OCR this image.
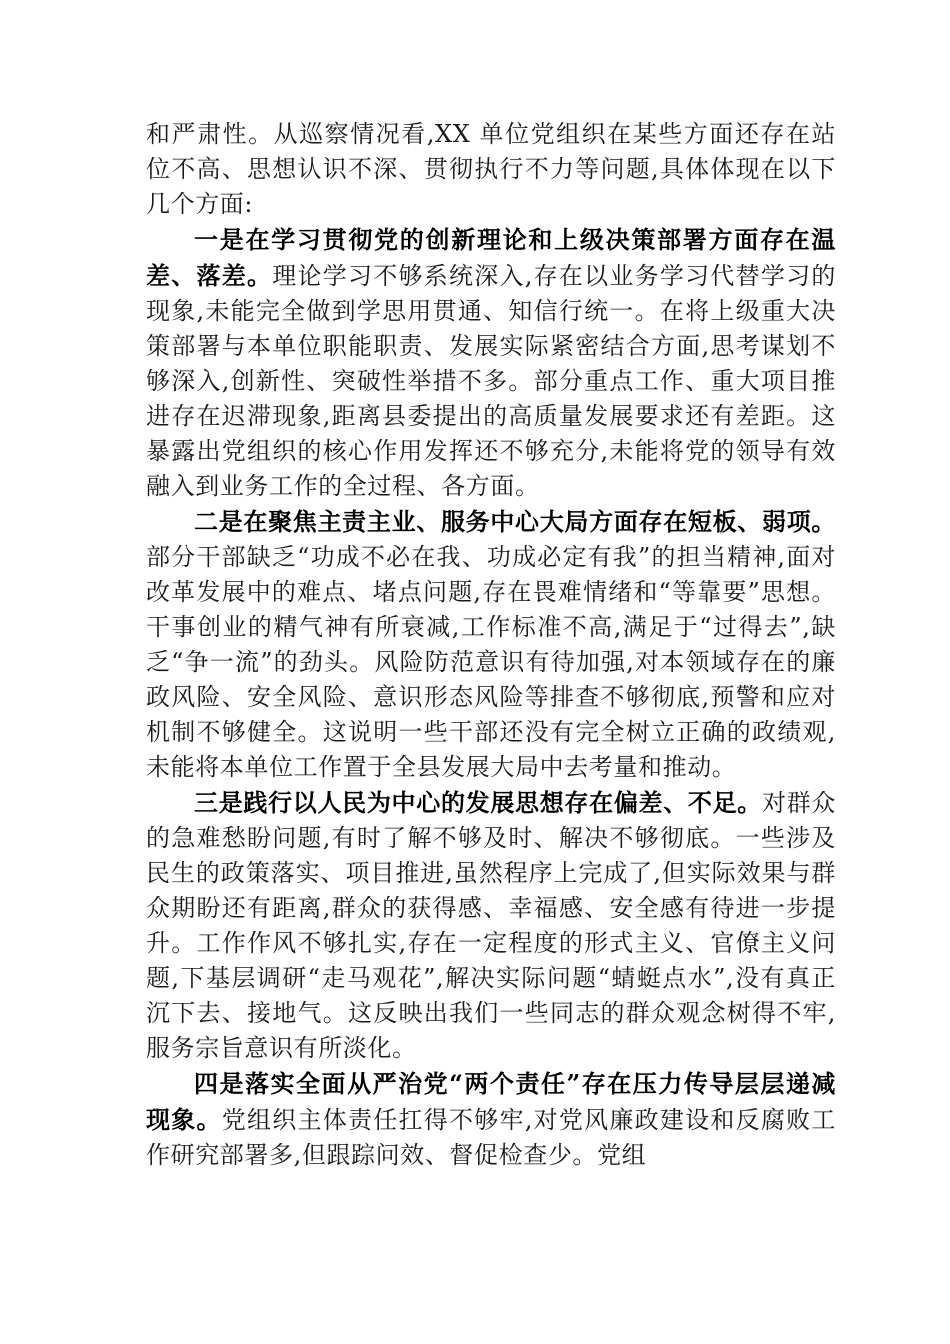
和严肃性。从巡察情况看,XX 单位党组织在某些方面还存在站位不高、思想认识不深、贯彻执行不力等问题,具体体现在以下几个方面:

一是在学习贯彻党的创新理论和上级决策部署方面存在温差、落差。理论学习不够系统深入,存在以业务学习代替学习的现象,未能完全做到学思用贯通、知信行统一。在将上级重大决策部署与本单位职能职责、发展实际紧密结合方面,思考谋划不够深入,创新性、突破性举措不多。部分重点工作、重大项目推进存在迟滞现象,距离县委提出的高质量发展要求还有差距。这暴露出党组织的核心作用发挥还不够充分,未能将党的领导有效融入到业务工作的全过程、各方面。

二是在聚焦主责主业、服务中心大局方面存在短板、弱项。部分干部缺乏“功成不必在我、功成必定有我”的担当精神,面对改革发展中的难点、堵点问题,存在畏难情绪和“等靠要”思想。干事创业的精气神有所衰减,工作标准不高,满足于“过得去”,缺乏“争一流”的劲头。风险防范意识有待加强,对本领域存在的廉政风险、安全风险、意识形态风险等排查不够彻底,预警和应对机制不够健全。这说明一些干部还没有完全树立正确的政绩观,未能将本单位工作置于全县发展大局中去考量和推动。

三是践行以人民为中心的发展思想存在偏差、不足。对群众的急难愁盼问题,有时了解不够及时、解决不够彻底。一些涉及民生的政策落实、项目推进,虽然程序上完成了,但实际效果与群众期盼还有距离,群众的获得感、幸福感、安全感有待进一步提升。工作作风不够扎实,存在一定程度的形式主义、官僚主义问题,下基层调研“走马观花”,解决实际问题“蜻蜓点水”,没有真正沉下去、接地气。这反映出我们一些同志的群众观念树得不牢,服务宗旨意识有所淡化。

四是落实全面从严治党“两个责任”存在压力传导层层递减现象。党组织主体责任扛得不够牢,对党风廉政建设和反腐败工作研究部署多,但跟踪问效、督促检查少。党组
